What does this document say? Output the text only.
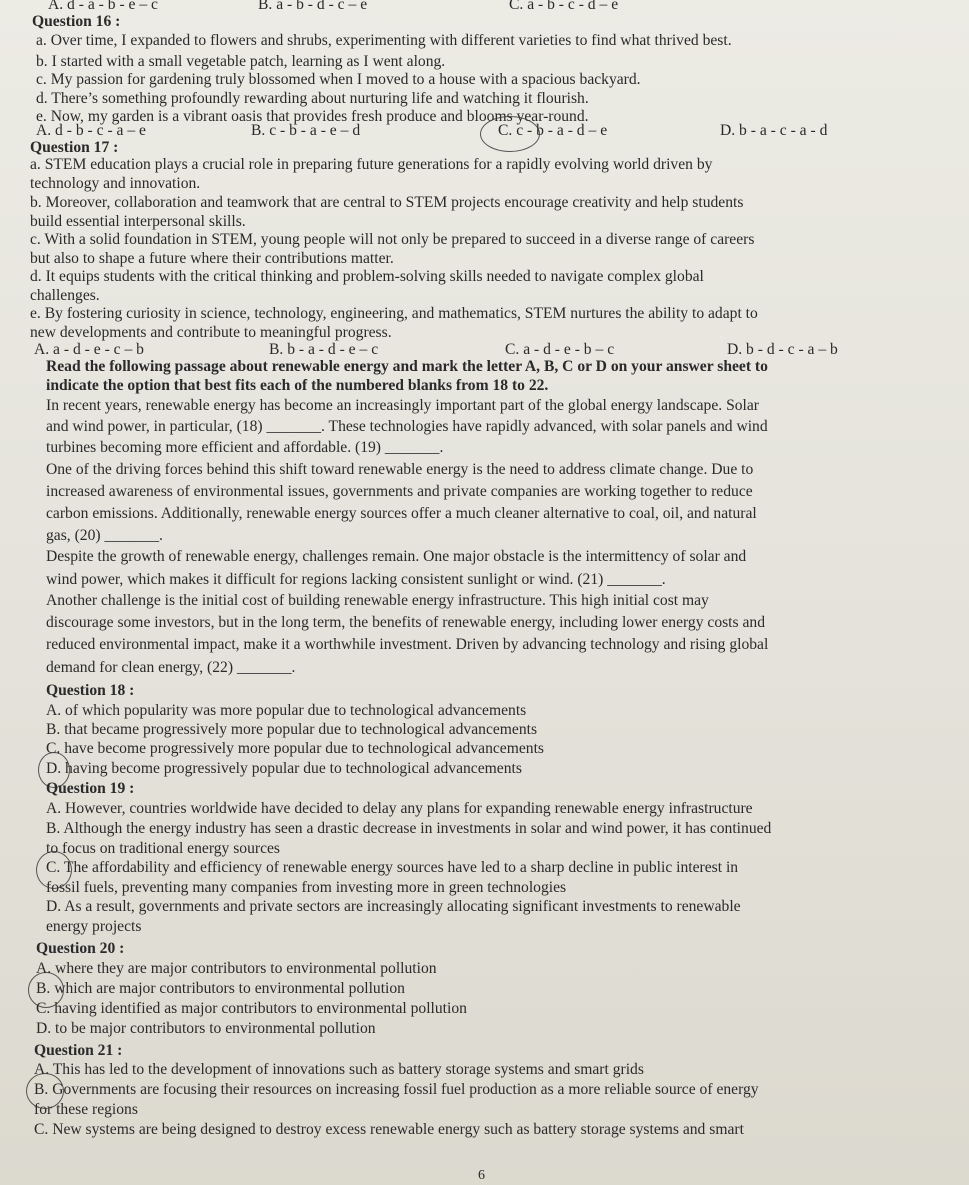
A. d - a - b - e – c	B. a - b - d - c – e	C. a - b - c - d – e
Question 16 :
a. Over time, I expanded to flowers and shrubs, experimenting with different varieties to find what thrived best.
b. I started with a small vegetable patch, learning as I went along.
c. My passion for gardening truly blossomed when I moved to a house with a spacious backyard.
d. There’s something profoundly rewarding about nurturing life and watching it flourish.
e. Now, my garden is a vibrant oasis that provides fresh produce and blooms year-round.
A. d - b - c - a – e	B. c - b - a - e – d	C. c - b - a - d – e	D. b - a - c - a - d
Question 17 :
a. STEM education plays a crucial role in preparing future generations for a rapidly evolving world driven by
technology and innovation.
b. Moreover, collaboration and teamwork that are central to STEM projects encourage creativity and help students
build essential interpersonal skills.
c. With a solid foundation in STEM, young people will not only be prepared to succeed in a diverse range of careers
but also to shape a future where their contributions matter.
d. It equips students with the critical thinking and problem-solving skills needed to navigate complex global
challenges.
e. By fostering curiosity in science, technology, engineering, and mathematics, STEM nurtures the ability to adapt to
new developments and contribute to meaningful progress.
A. a - d - e - c – b	B. b - a - d - e – c	C. a - d - e - b – c	D. b - d - c - a – b
Read the following passage about renewable energy and mark the letter A, B, C or D on your answer sheet to
indicate the option that best fits each of the numbered blanks from 18 to 22.
In recent years, renewable energy has become an increasingly important part of the global energy landscape. Solar
and wind power, in particular, (18) _______. These technologies have rapidly advanced, with solar panels and wind
turbines becoming more efficient and affordable. (19) _______.
One of the driving forces behind this shift toward renewable energy is the need to address climate change. Due to
increased awareness of environmental issues, governments and private companies are working together to reduce
carbon emissions. Additionally, renewable energy sources offer a much cleaner alternative to coal, oil, and natural
gas, (20) _______.
Despite the growth of renewable energy, challenges remain. One major obstacle is the intermittency of solar and
wind power, which makes it difficult for regions lacking consistent sunlight or wind. (21) _______.
Another challenge is the initial cost of building renewable energy infrastructure. This high initial cost may
discourage some investors, but in the long term, the benefits of renewable energy, including lower energy costs and
reduced environmental impact, make it a worthwhile investment. Driven by advancing technology and rising global
demand for clean energy, (22) _______.
Question 18 :
A. of which popularity was more popular due to technological advancements
B. that became progressively more popular due to technological advancements
C. have become progressively more popular due to technological advancements
D. having become progressively popular due to technological advancements
Question 19 :
A. However, countries worldwide have decided to delay any plans for expanding renewable energy infrastructure
B. Although the energy industry has seen a drastic decrease in investments in solar and wind power, it has continued
to focus on traditional energy sources
C. The affordability and efficiency of renewable energy sources have led to a sharp decline in public interest in
fossil fuels, preventing many companies from investing more in green technologies
D. As a result, governments and private sectors are increasingly allocating significant investments to renewable
energy projects
Question 20 :
A. where they are major contributors to environmental pollution
B. which are major contributors to environmental pollution
C. having identified as major contributors to environmental pollution
D. to be major contributors to environmental pollution
Question 21 :
A. This has led to the development of innovations such as battery storage systems and smart grids
B. Governments are focusing their resources on increasing fossil fuel production as a more reliable source of energy
for these regions
C. New systems are being designed to destroy excess renewable energy such as battery storage systems and smart
6
